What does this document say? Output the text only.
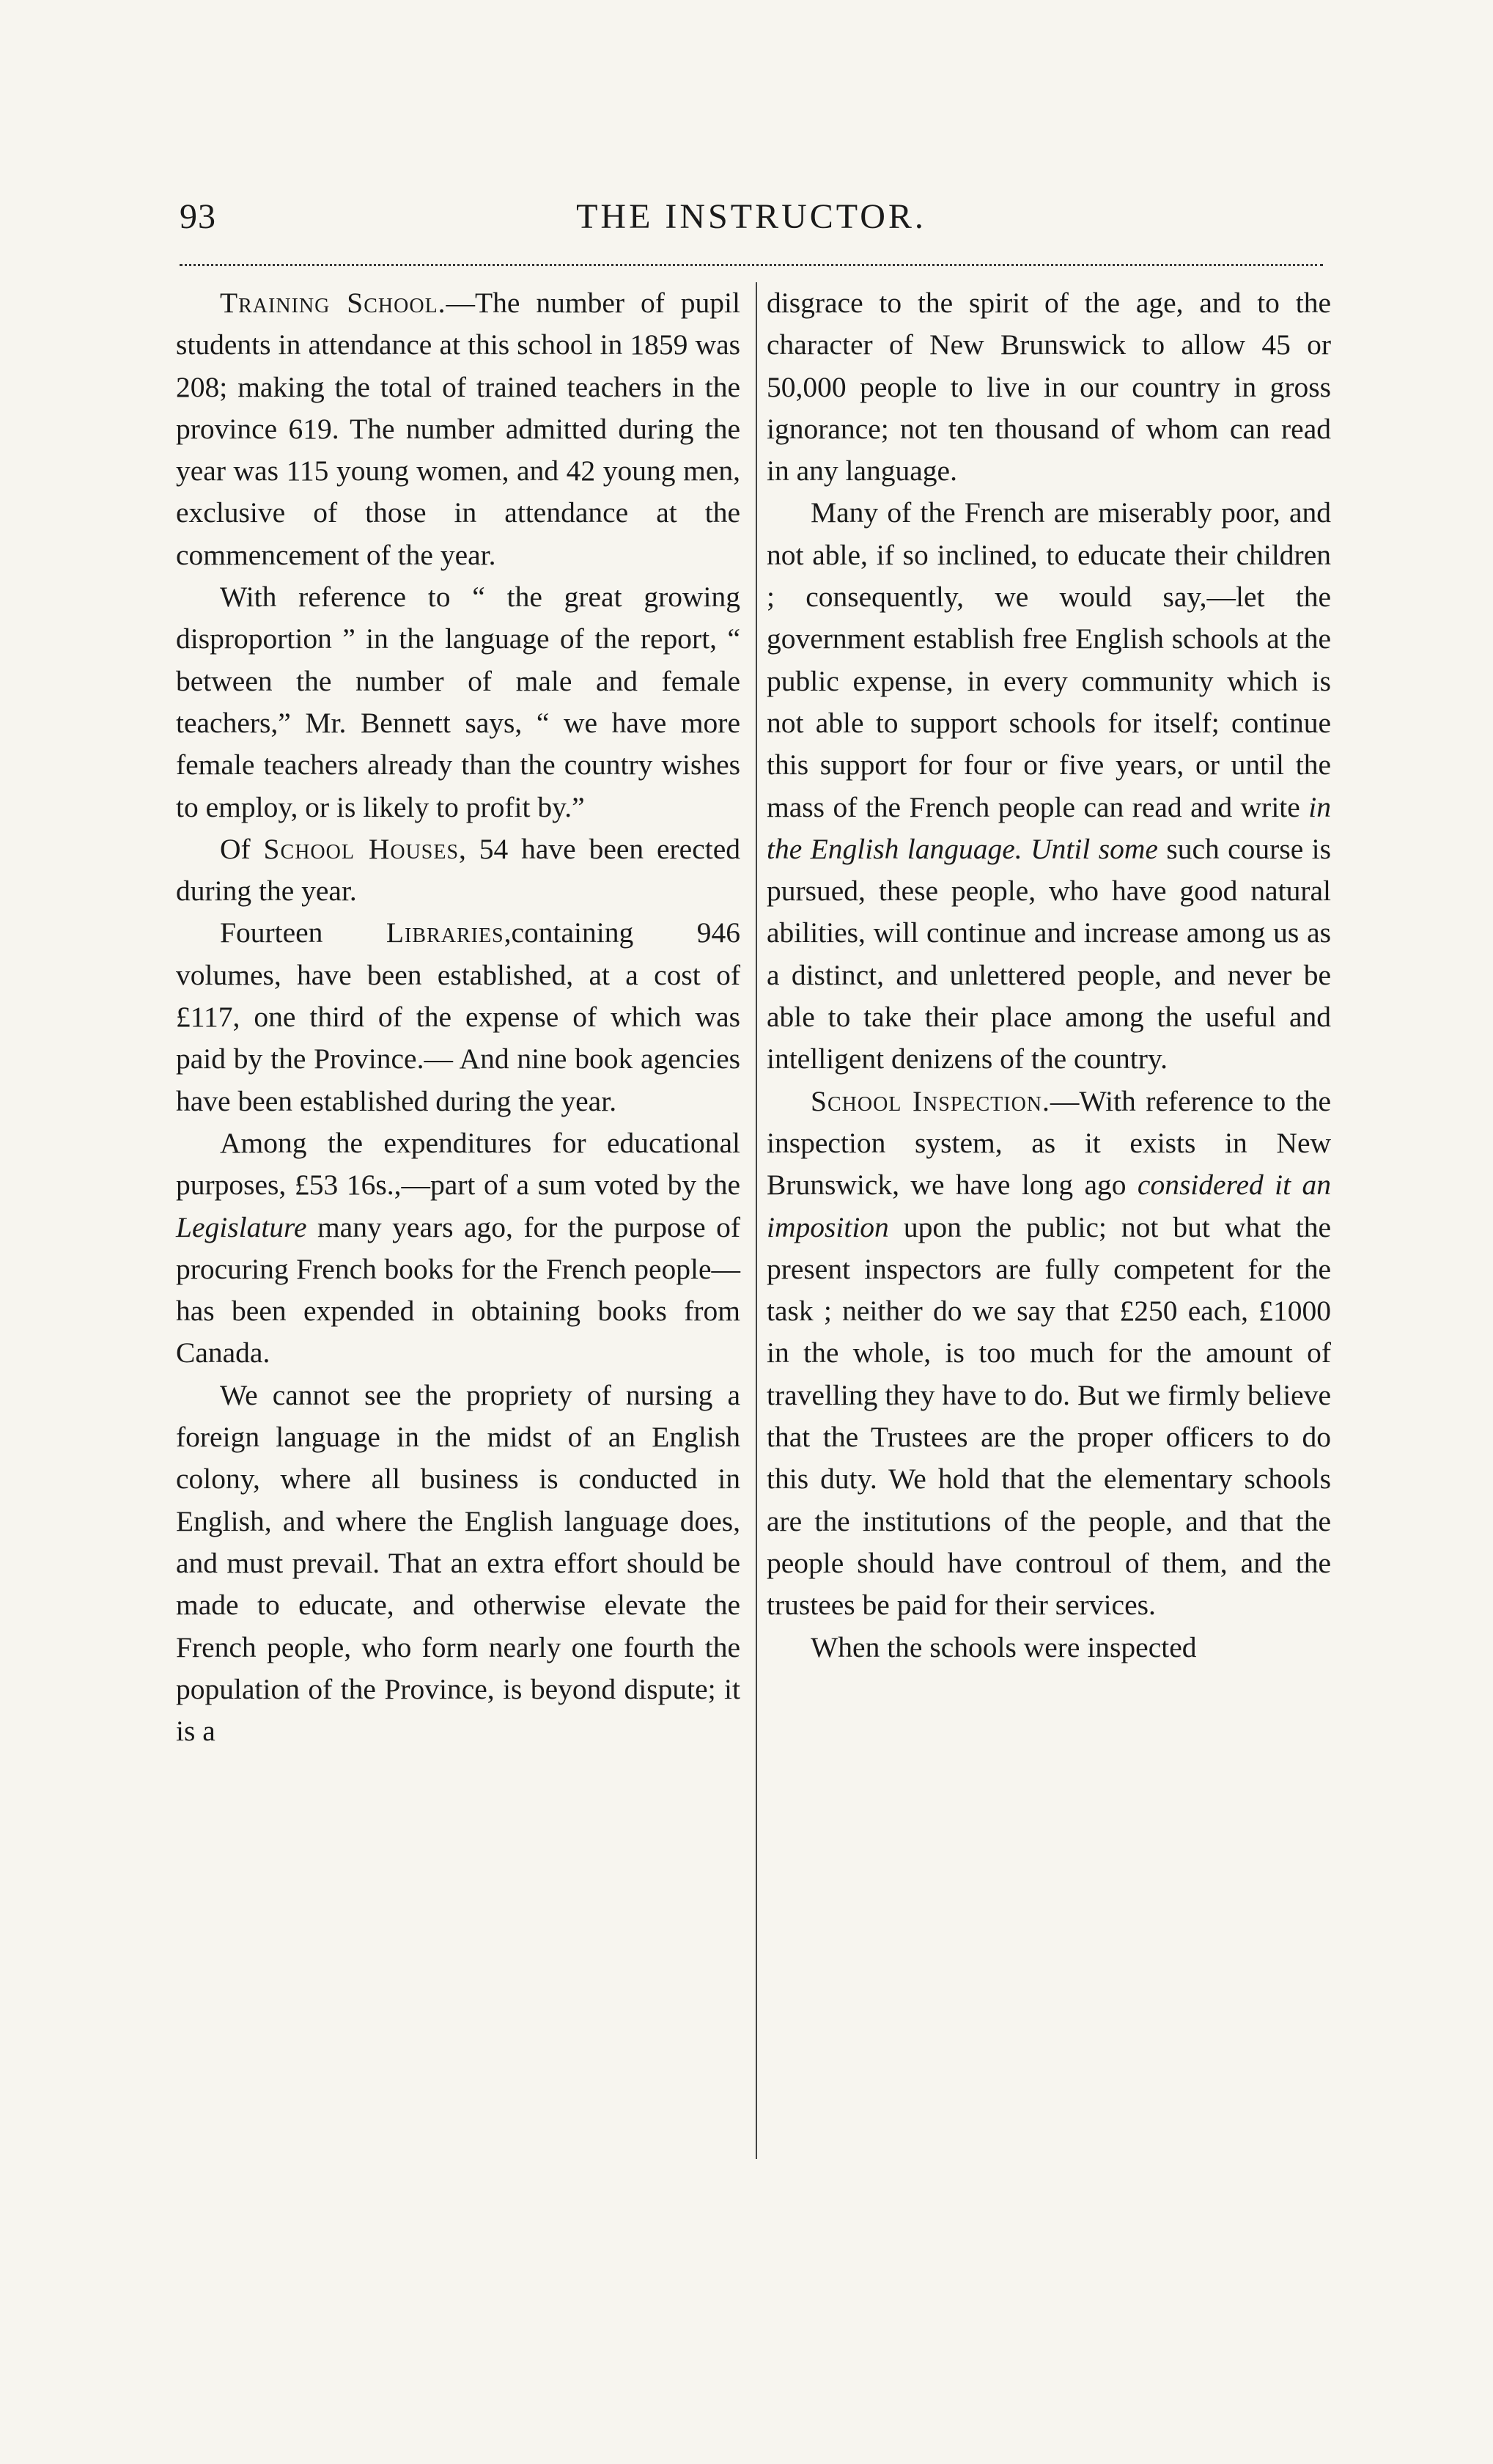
93	THE INSTRUCTOR.

Training School.—The number of pupil students in attendance at this school in 1859 was 208; making the total of trained teachers in the province 619. The number admitted during the year was 115 young women, and 42 young men, exclusive of those in attendance at the commencement of the year.

With reference to “ the great growing disproportion ” in the language of the report, “ between the number of male and female teachers,” Mr. Bennett says, “ we have more female teachers already than the country wishes to employ, or is likely to profit by.”

Of School Houses, 54 have been erected during the year.

Fourteen Libraries,containing 946 volumes, have been established, at a cost of £117, one third of the expense of which was paid by the Province.— And nine book agencies have been established during the year.

Among the expenditures for educational purposes, £53 16s.,—part of a sum voted by the Legislature many years ago, for the purpose of procuring French books for the French people—has been expended in obtaining books from Canada.

We cannot see the propriety of nursing a foreign language in the midst of an English colony, where all business is conducted in English, and where the English language does, and must prevail. That an extra effort should be made to educate, and otherwise elevate the French people, who form nearly one fourth the population of the Province, is beyond dispute; it is a

disgrace to the spirit of the age, and to the character of New Brunswick to allow 45 or 50,000 people to live in our country in gross ignorance; not ten thousand of whom can read in any language.

Many of the French are miserably poor, and not able, if so inclined, to educate their children ; consequently, we would say,—let the government establish free English schools at the public expense, in every community which is not able to support schools for itself; continue this support for four or five years, or until the mass of the French people can read and write in the English language. Until some such course is pursued, these people, who have good natural abilities, will continue and increase among us as a distinct, and unlettered people, and never be able to take their place among the useful and intelligent denizens of the country.

School Inspection.—With reference to the inspection system, as it exists in New Brunswick, we have long ago considered it an imposition upon the public; not but what the present inspectors are fully competent for the task ; neither do we say that £250 each, £1000 in the whole, is too much for the amount of travelling they have to do. But we firmly believe that the Trustees are the proper officers to do this duty. We hold that the elementary schools are the institutions of the people, and that the people should have controul of them, and the trustees be paid for their services.

When the schools were inspected
